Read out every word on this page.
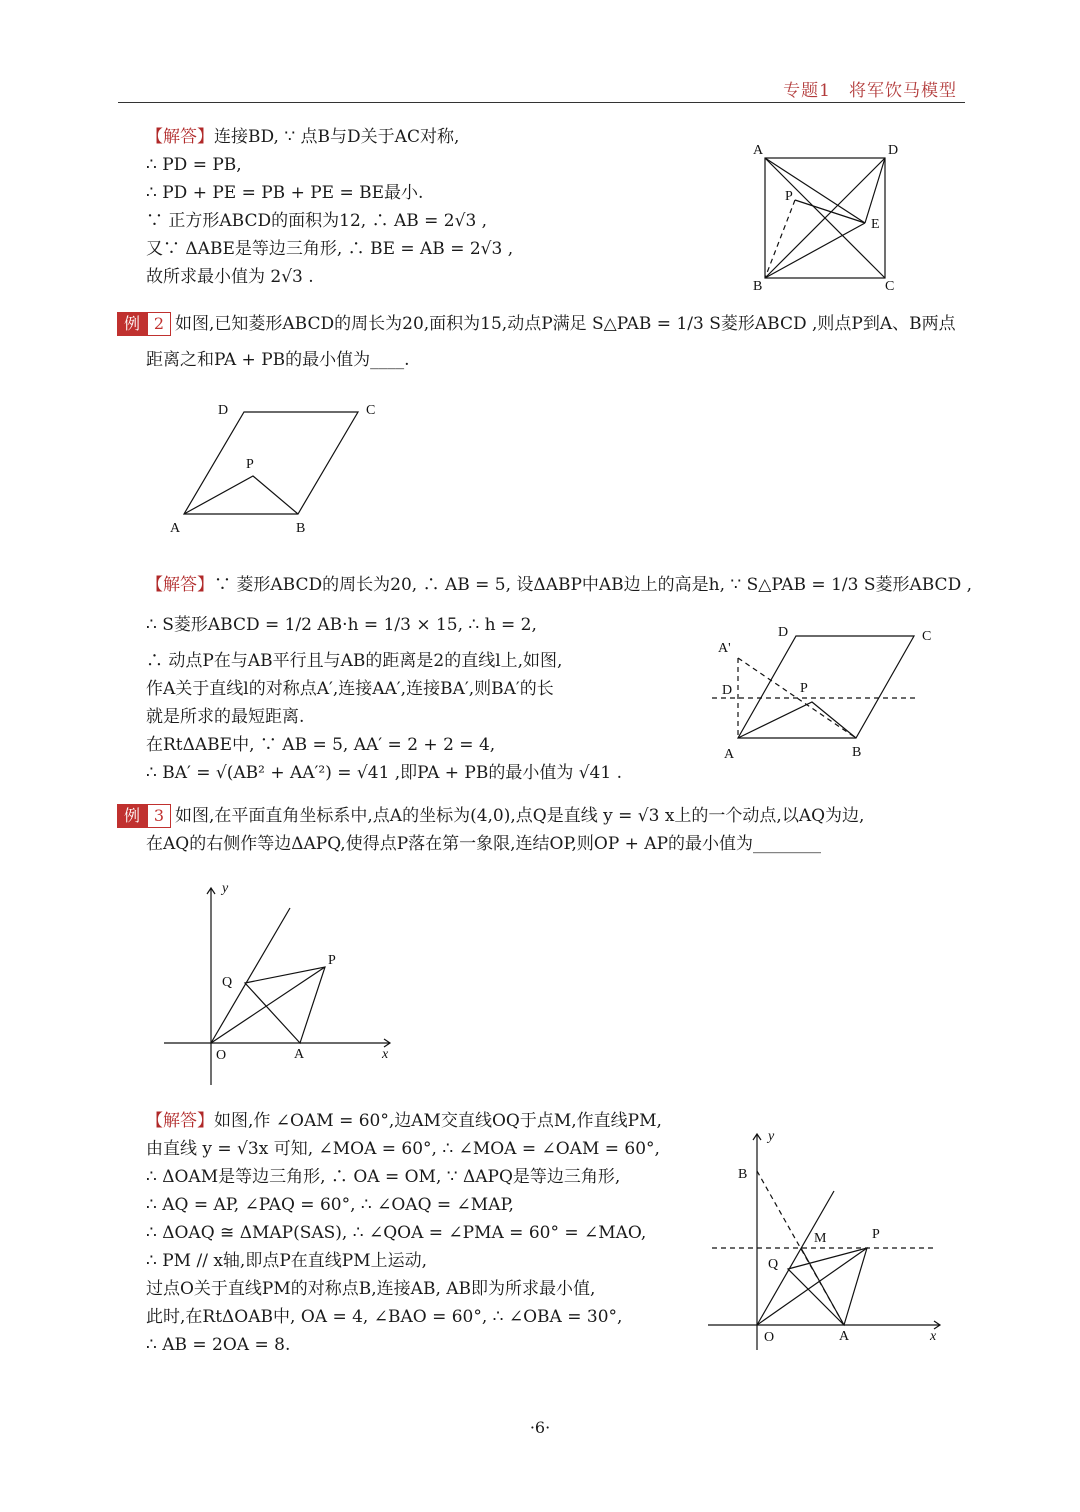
专题1　将军饮马模型
【解答】连接BD, ∵ 点B与D关于AC对称,
∴ PD = PB,
∴ PD + PE = PB + PE = BE最小.
∵ 正方形ABCD的面积为12, ∴ AB = 2√3 ,
又∵ ΔABE是等边三角形, ∴ BE = AB = 2√3 ,
故所求最小值为 2√3 .
A	D
B	C
P
E
例 2 如图,已知菱形ABCD的周长为20,面积为15,动点P满足 S△PAB = 1/3 S菱形ABCD ,则点P到A、B两点
距离之和PA + PB的最小值为____.
D	C
P
A	B
【解答】∵ 菱形ABCD的周长为20, ∴ AB = 5, 设ΔABP中AB边上的高是h, ∵ S△PAB = 1/3 S菱形ABCD ,
∴ S菱形ABCD = 1/2 AB·h = 1/3 × 15, ∴ h = 2,
∴ 动点P在与AB平行且与AB的距离是2的直线l上,如图,
作A关于直线l的对称点A′,连接AA′,连接BA′,则BA′的长
就是所求的最短距离.
在RtΔABE中, ∵ AB = 5, AA′ = 2 + 2 = 4,
∴ BA′ = √(AB² + AA′²) = √41 ,即PA + PB的最小值为 √41 .
A'
D	C
D	P
A	B
例 3 如图,在平面直角坐标系中,点A的坐标为(4,0),点Q是直线 y = √3 x上的一个动点,以AQ为边,
在AQ的右侧作等边ΔAPQ,使得点P落在第一象限,连结OP,则OP + AP的最小值为________
y
x
O	A
P
Q
【解答】如图,作 ∠OAM = 60°,边AM交直线OQ于点M,作直线PM,
由直线 y = √3x 可知, ∠MOA = 60°, ∴ ∠MOA = ∠OAM = 60°,
∴ ΔOAM是等边三角形, ∴ OA = OM, ∵ ΔAPQ是等边三角形,
∴ AQ = AP, ∠PAQ = 60°, ∴ ∠OAQ = ∠MAP,
∴ ΔOAQ ≅ ΔMAP(SAS), ∴ ∠QOA = ∠PMA = 60° = ∠MAO,
∴ PM // x轴,即点P在直线PM上运动,
过点O关于直线PM的对称点B,连接AB, AB即为所求最小值,
此时,在RtΔOAB中, OA = 4, ∠BAO = 60°, ∴ ∠OBA = 30°,
∴ AB = 2OA = 8.
y
x
B
M	P
Q
O	A
·6·
